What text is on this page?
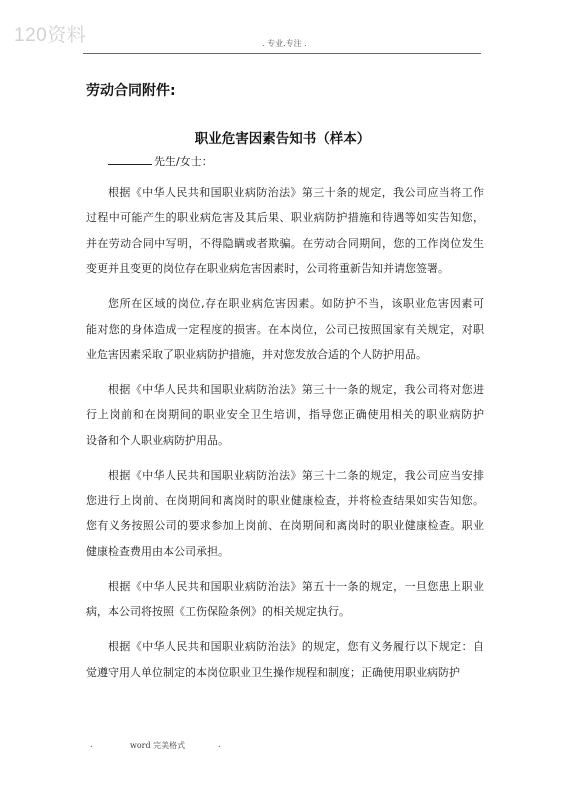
120资料	. 专业.专注 .
劳动合同附件:
职业危害因素告知书（样本）
先生/女士：
根据《中华人民共和国职业病防治法》第三十条的规定，我公司应当将工作
过程中可能产生的职业病危害及其后果、职业病防护措施和待遇等如实告知您，
并在劳动合同中写明，不得隐瞒或者欺骗。在劳动合同期间，您的工作岗位发生
变更并且变更的岗位存在职业病危害因素时，公司将重新告知并请您签署。
您所在区域的岗位,存在职业病危害因素。如防护不当，该职业危害因素可
能对您的身体造成一定程度的损害。在本岗位，公司已按照国家有关规定，对职
业危害因素采取了职业病防护措施，并对您发放合适的个人防护用品。
根据《中华人民共和国职业病防治法》第三十一条的规定，我公司将对您进
行上岗前和在岗期间的职业安全卫生培训，指导您正确使用相关的职业病防护
设备和个人职业病防护用品。
根据《中华人民共和国职业病防治法》第三十二条的规定，我公司应当安排
您进行上岗前、在岗期间和离岗时的职业健康检查，并将检查结果如实告知您。
您有义务按照公司的要求参加上岗前、在岗期间和离岗时的职业健康检查。职业
健康检查费用由本公司承担。
根据《中华人民共和国职业病防治法》第五十一条的规定，一旦您患上职业
病，本公司将按照《工伤保险条例》的相关规定执行。
根据《中华人民共和国职业病防治法》的规定，您有义务履行以下规定：自
觉遵守用人单位制定的本岗位职业卫生操作规程和制度；正确使用职业病防护
.	word 完美格式	.
